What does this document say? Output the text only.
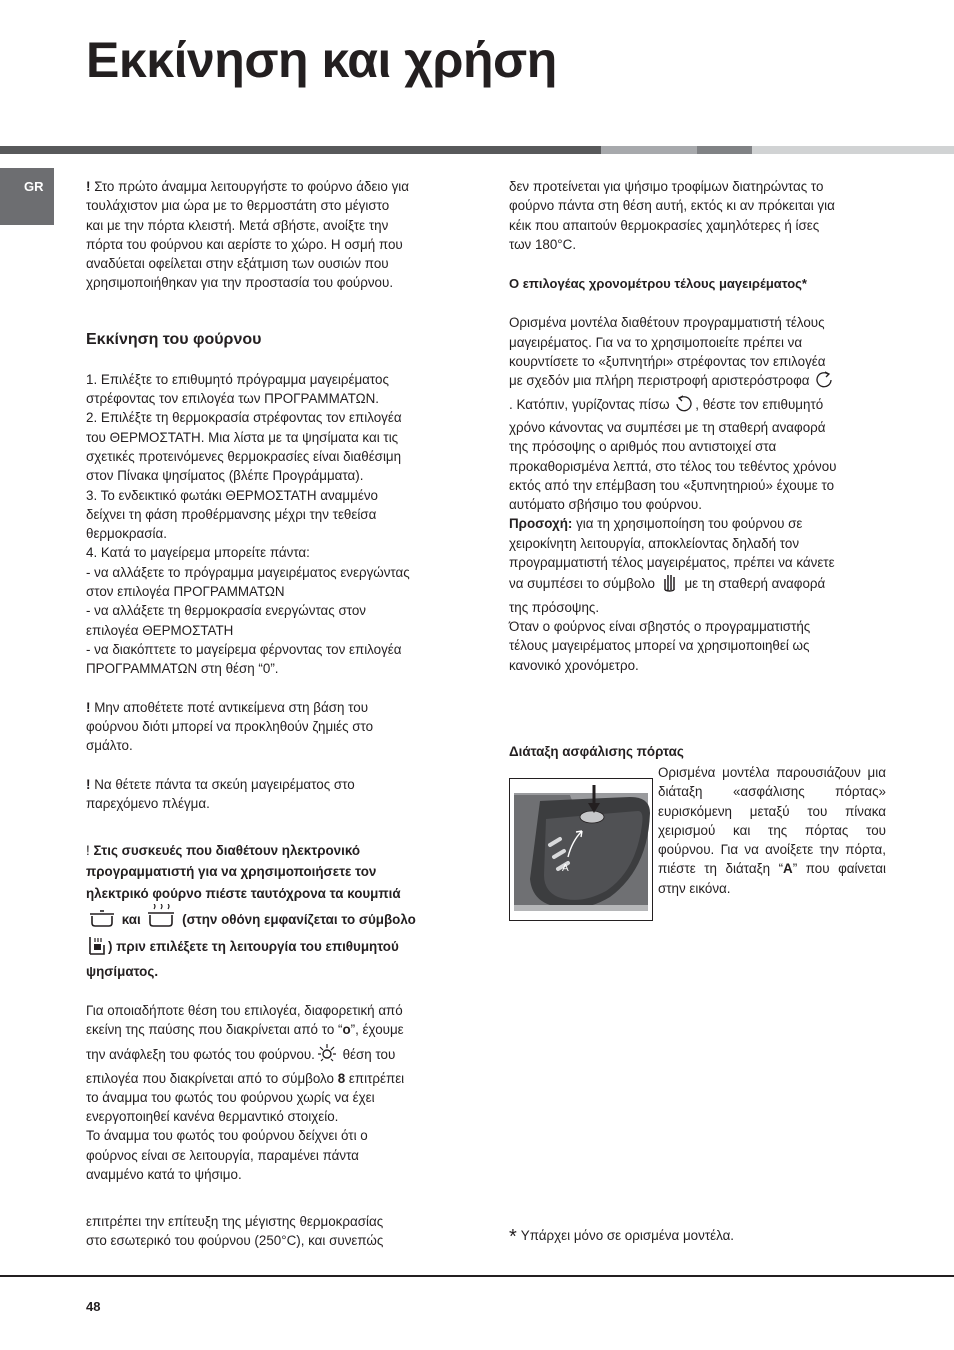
Εκκίνηση και χρήση
GR	! Στο πρώτο άναμμα λειτουργήστε το φούρνο άδειο για
τουλάχιστον μια ώρα με το θερμοστάτη στο μέγιστο
και με την πόρτα κλειστή. Μετά σβήστε, ανοίξτε την
πόρτα του φούρνου και αερίστε το χώρο. Η οσμή που
αναδύεται οφείλεται στην εξάτμιση των ουσιών που
χρησιμοποιήθηκαν για την προστασία του φούρνου.

Εκκίνηση του φούρνου

1. Επιλέξτε το επιθυμητό πρόγραμμα μαγειρέματος
στρέφοντας τον επιλογέα των ΠΡΟΓΡΑΜΜΑΤΩΝ.
2. Επιλέξτε τη θερμοκρασία στρέφοντας τον επιλογέα
του ΘΕΡΜΟΣΤΑΤΗ. Μια λίστα με τα ψησίματα και τις
σχετικές προτεινόμενες θερμοκρασίες είναι διαθέσιμη
στον Πίνακα ψησίματος (βλέπε Προγράμματα).
3. Το ενδεικτικό φωτάκι ΘΕΡΜΟΣΤΑΤΗ αναμμένο
δείχνει τη φάση προθέρμανσης μέχρι την τεθείσα
θερμοκρασία.
4. Κατά το μαγείρεμα μπορείτε πάντα:
- να αλλάξετε το πρόγραμμα μαγειρέματος ενεργώντας
στον επιλογέα ΠΡΟΓΡΑΜΜΑΤΩΝ
- να αλλάξετε τη θερμοκρασία ενεργώντας στον
επιλογέα ΘΕΡΜΟΣΤΑΤΗ
- να διακόπτετε το μαγείρεμα φέρνοντας τον επιλογέα
ΠΡΟΓΡΑΜΜΑΤΩΝ στη θέση “0”.

! Μην αποθέτετε ποτέ αντικείμενα στη βάση του
φούρνου διότι μπορεί να προκληθούν ζημιές στο
σμάλτο.

! Να θέτετε πάντα τα σκεύη μαγειρέματος στο
παρεχόμενο πλέγμα.

! Στις συσκευές που διαθέτουν ηλεκτρονικό
προγραμματιστή για να χρησιμοποιήσετε τον
ηλεκτρικό φούρνο πιέστε ταυτόχρονα τα κουμπιά
και	(στην οθόνη εμφανίζεται το σύμβολο
) πριν επιλέξετε τη λειτουργία του επιθυμητού
ψησίματος.

Για οποιαδήποτε θέση του επιλογέα, διαφορετική από
εκείνη της παύσης που διακρίνεται από το “ο”, έχουμε
την ανάφλεξη του φωτός του φούρνου. θέση του
επιλογέα που διακρίνεται από το σύμβολο 8 επιτρέπει
το άναμμα του φωτός του φούρνου χωρίς να έχει
ενεργοποιηθεί κανένα θερμαντικό στοιχείο.
Το άναμμα του φωτός του φούρνου δείχνει ότι ο
φούρνος είναι σε λειτουργία, παραμένει πάντα
αναμμένο κατά το ψήσιμο.

επιτρέπει την επίτευξη της μέγιστης θερμοκρασίας
στο εσωτερικό του φούρνου (250°C), και συνεπώς

δεν προτείνεται για ψήσιμο τροφίμων διατηρώντας το
φούρνο πάντα στη θέση αυτή, εκτός κι αν πρόκειται για
κέικ που απαιτούν θερμοκρασίες χαμηλότερες ή ίσες
των 180°C.

Ο επιλογέας χρονομέτρου τέλους μαγειρέματος*

Ορισμένα μοντέλα διαθέτουν προγραμματιστή τέλους
μαγειρέματος. Για να το χρησιμοποιείτε πρέπει να
κουρντίσετε το «ξυπνητήρι» στρέφοντας τον επιλογέα
με σχεδόν μια πλήρη περιστροφή αριστερόστροφα
. Κατόπιν, γυρίζοντας πίσω , θέστε τον επιθυμητό
χρόνο κάνοντας να συμπέσει με τη σταθερή αναφορά
της πρόσοψης ο αριθμός που αντιστοιχεί στα
προκαθορισμένα λεπτά, στο τέλος του τεθέντος χρόνου
εκτός από την επέμβαση του «ξυπνητηριού» έχουμε το
αυτόματο σβήσιμο του φούρνου.
Προσοχή: για τη χρησιμοποίηση του φούρνου σε
χειροκίνητη λειτουργία, αποκλείοντας δηλαδή τον
προγραμματιστή τέλος μαγειρέματος, πρέπει να κάνετε
να συμπέσει το σύμβολο  με τη σταθερή αναφορά
της πρόσοψης.
Όταν ο φούρνος είναι σβηστός ο προγραμματιστής
τέλους μαγειρέματος μπορεί να χρησιμοποιηθεί ως
κανονικό χρονόμετρο.

Διάταξη ασφάλισης πόρτας
A
Ορισμένα μοντέλα παρουσιάζουν μια διάταξη «ασφάλισης πόρτας» ευρισκόμενη μεταξύ του πίνακα χειρισμού και της πόρτας του φούρνου. Για να ανοίξετε την πόρτα, πιέστε τη διάταξη “A” που φαίνεται στην εικόνα.
* Υπάρχει μόνο σε ορισμένα μοντέλα.
48
